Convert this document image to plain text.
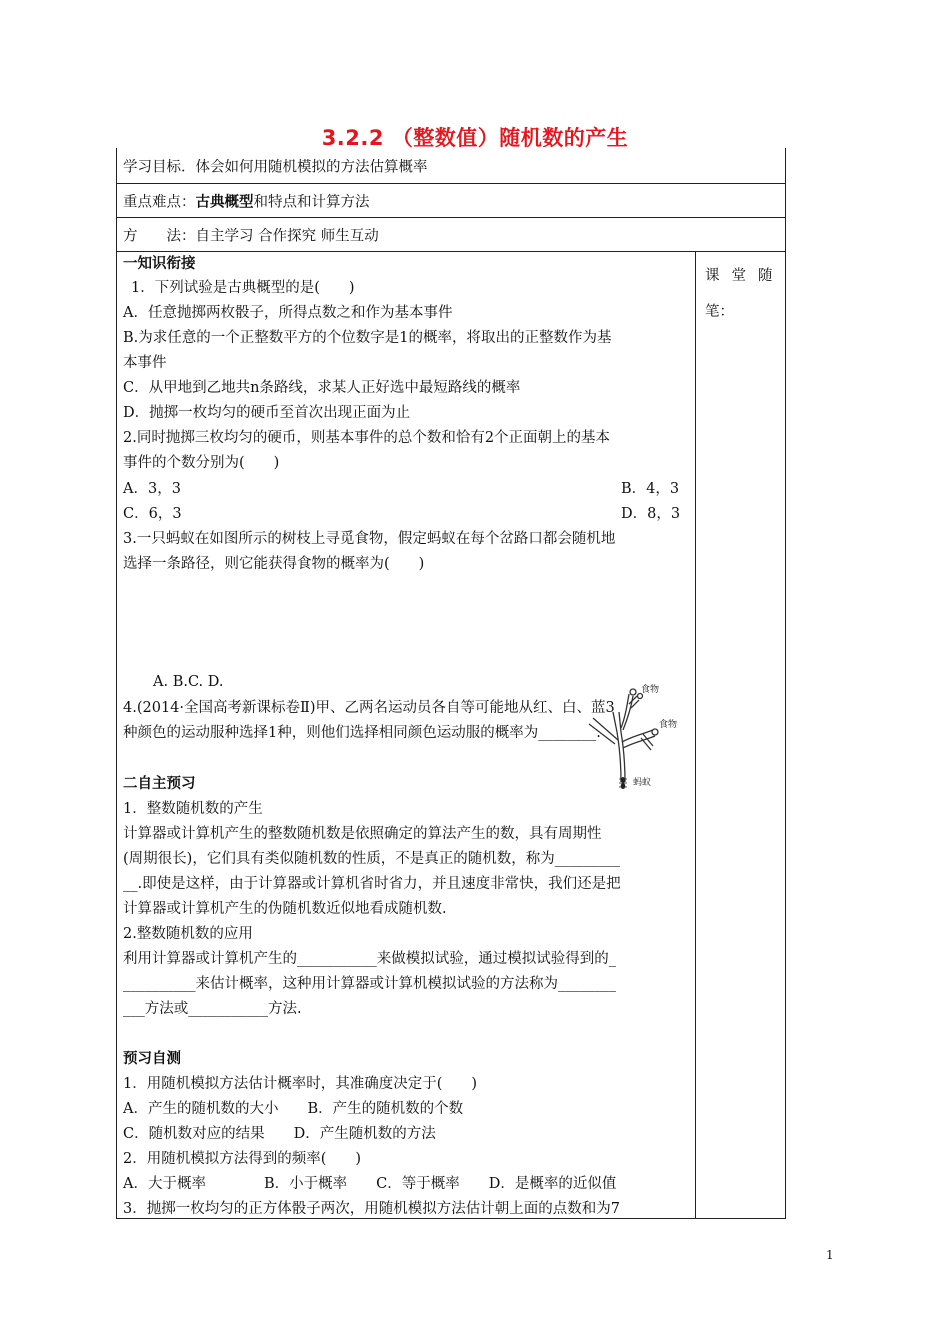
3.2.2 （整数值）随机数的产生
学习目标．体会如何用随机模拟的方法估算概率
重点难点：古典概型和特点和计算方法
方　　法：自主学习 合作探究 师生互动
一知识衔接
1．下列试验是古典概型的是(　　)
A．任意抛掷两枚骰子，所得点数之和作为基本事件
B.为求任意的一个正整数平方的个位数字是1的概率，将取出的正整数作为基
本事件
C．从甲地到乙地共n条路线，求某人正好选中最短路线的概率
D．抛掷一枚均匀的硬币至首次出现正面为止
2.同时抛掷三枚均匀的硬币，则基本事件的总个数和恰有2个正面朝上的基本
事件的个数分别为(　　)
A．3，3	B．4，3
C．6，3	D．8，3
3.一只蚂蚁在如图所示的树枝上寻觅食物，假定蚂蚁在每个岔路口都会随机地
选择一条路径，则它能获得食物的概率为(　　)
食物
食物
蚂蚁
A. B.C. D.
4.(2014·全国高考新课标卷Ⅱ)甲、乙两名运动员各自等可能地从红、白、蓝3
种颜色的运动服种选择1种，则他们选择相同颜色运动服的概率为________.
二自主预习
1．整数随机数的产生
计算器或计算机产生的整数随机数是依照确定的算法产生的数，具有周期性
(周期很长)，它们具有类似随机数的性质，不是真正的随机数，称为_________
__.即使是这样，由于计算器或计算机省时省力，并且速度非常快，我们还是把
计算器或计算机产生的伪随机数近似地看成随机数.
2.整数随机数的应用
利用计算器或计算机产生的___________来做模拟试验，通过模拟试验得到的_
__________来估计概率，这种用计算器或计算机模拟试验的方法称为________
___方法或___________方法.
预习自测
1．用随机模拟方法估计概率时，其准确度决定于(　　)
A．产生的随机数的大小　　B．产生的随机数的个数
C．随机数对应的结果　　D．产生随机数的方法
2．用随机模拟方法得到的频率(　　)
A．大于概率　　　　B．小于概率　　C．等于概率　　D．是概率的近似值
3．抛掷一枚均匀的正方体骰子两次，用随机模拟方法估计朝上面的点数和为7
课堂随
笔：
1
